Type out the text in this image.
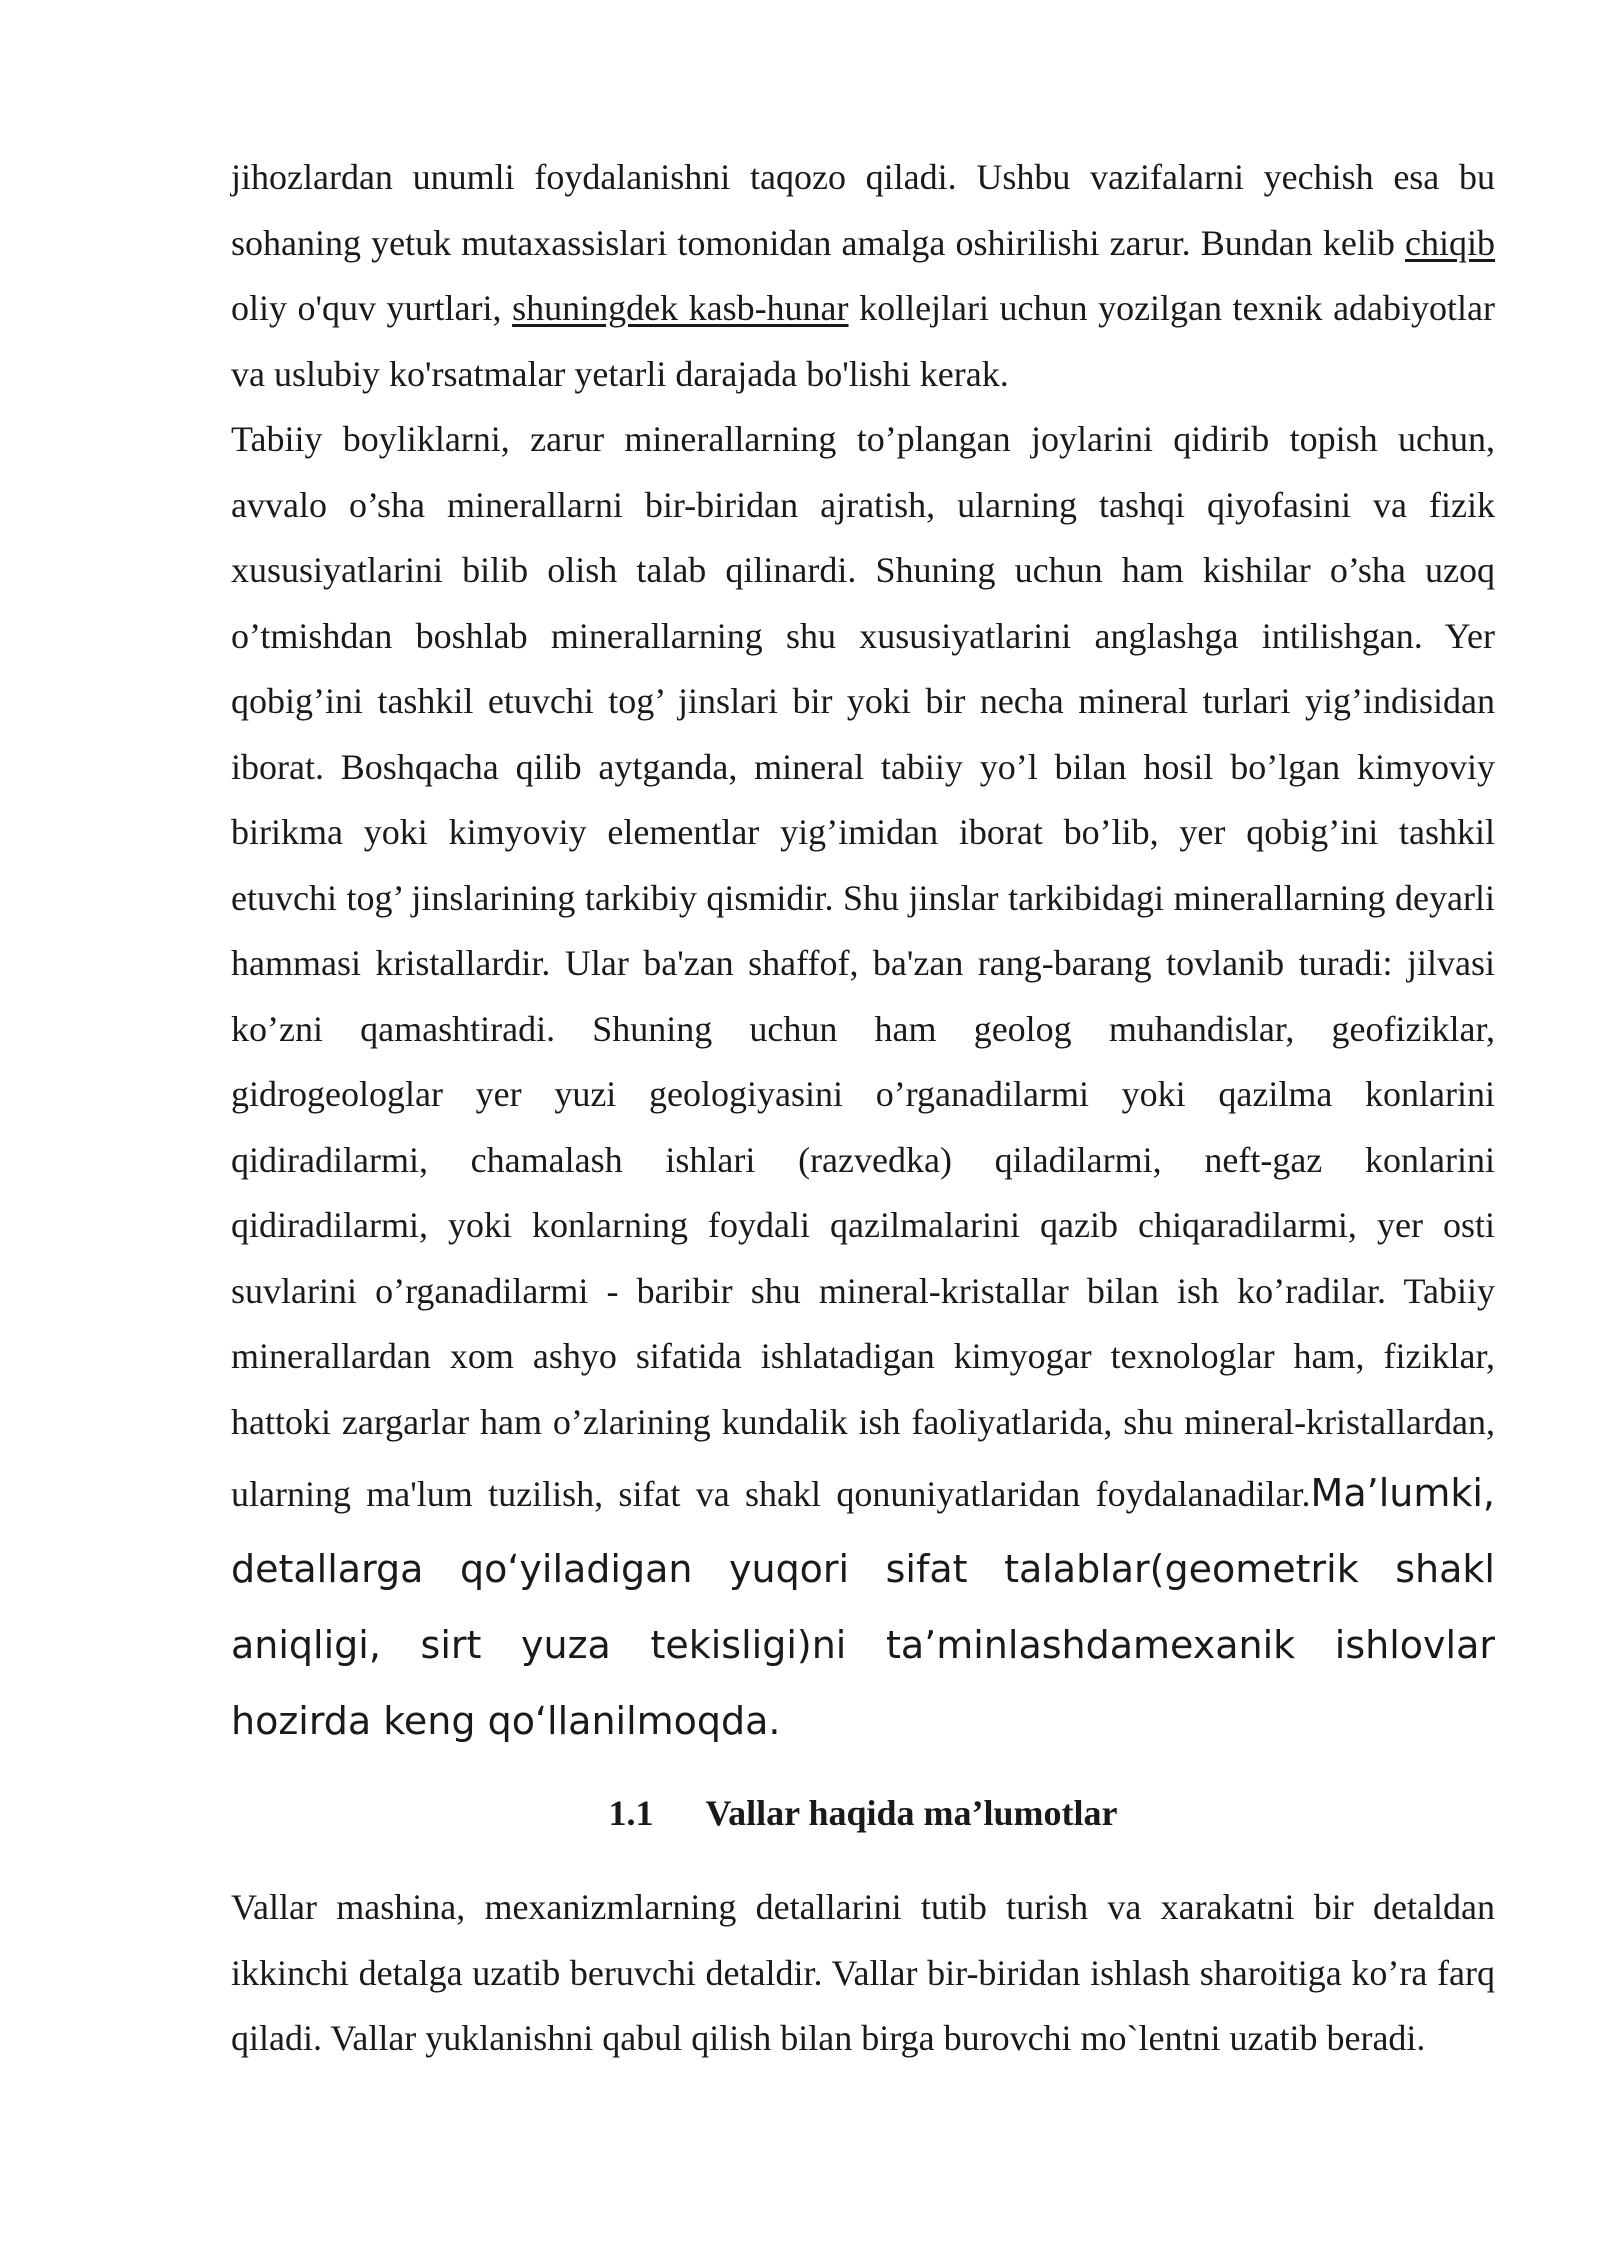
jihozlardan unumli foydalanishni taqozo qiladi. Ushbu vazifalarni yechish esa bu sohaning yetuk mutaxassislari tomonidan amalga oshirilishi zarur. Bundan kelib chiqib oliy o'quv yurtlari, shuningdek kasb-hunar kollejlari uchun yozilgan texnik adabiyotlar va uslubiy ko'rsatmalar yetarli darajada bo'lishi kerak.

Tabiiy boyliklarni, zarur minerallarning to’plangan joylarini qidirib topish uchun, avvalo o’sha minerallarni bir-biridan ajratish, ularning tashqi qiyofasini va fizik xususiyatlarini bilib olish talab qilinardi. Shuning uchun ham kishilar o’sha uzoq o’tmishdan boshlab minerallarning shu xususiyatlarini anglashga intilishgan. Yer qobig’ini tashkil etuvchi tog’ jinslari bir yoki bir necha mineral turlari yig’indisidan iborat. Boshqacha qilib aytganda, mineral tabiiy yo’l bilan hosil bo’lgan kimyoviy birikma yoki kimyoviy elementlar yig’imidan iborat bo’lib, yer qobig’ini tashkil etuvchi tog’ jinslarining tarkibiy qismidir. Shu jinslar tarkibidagi minerallarning deyarli hammasi kristallardir. Ular ba'zan shaffof, ba'zan rang-barang tovlanib turadi: jilvasi ko’zni qamashtiradi. Shuning uchun ham geolog muhandislar, geofiziklar, gidrogeologlar yer yuzi geologiyasini o’rganadilarmi yoki qazilma konlarini qidiradilarmi, chamalash ishlari (razvedka) qiladilarmi, neft-gaz konlarini qidiradilarmi, yoki konlarning foydali qazilmalarini qazib chiqaradilarmi, yer osti suvlarini o’rganadilarmi - baribir shu mineral-kristallar bilan ish ko’radilar. Tabiiy minerallardan xom ashyo sifatida ishlatadigan kimyogar texnologlar ham, fiziklar, hattoki zargarlar ham o’zlarining kundalik ish faoliyatlarida, shu mineral-kristallardan, ularning ma'lum tuzilish, sifat va shakl qonuniyatlaridan foydalanadilar.Ma’lumki, detallarga qo‘yiladigan yuqori sifat talablar(geometrik shakl aniqligi, sirt yuza tekisligi)ni ta’minlashdamexanik ishlovlar hozirda keng qo‘llanilmoqda.

1.1 Vallar haqida ma’lumotlar

Vallar mashina, mexanizmlarning detallarini tutib turish va xarakatni bir detaldan ikkinchi detalga uzatib beruvchi detaldir. Vallar bir-biridan ishlash sharoitiga ko’ra farq qiladi. Vallar yuklanishni qabul qilish bilan birga burovchi mo`lentni uzatib beradi.
